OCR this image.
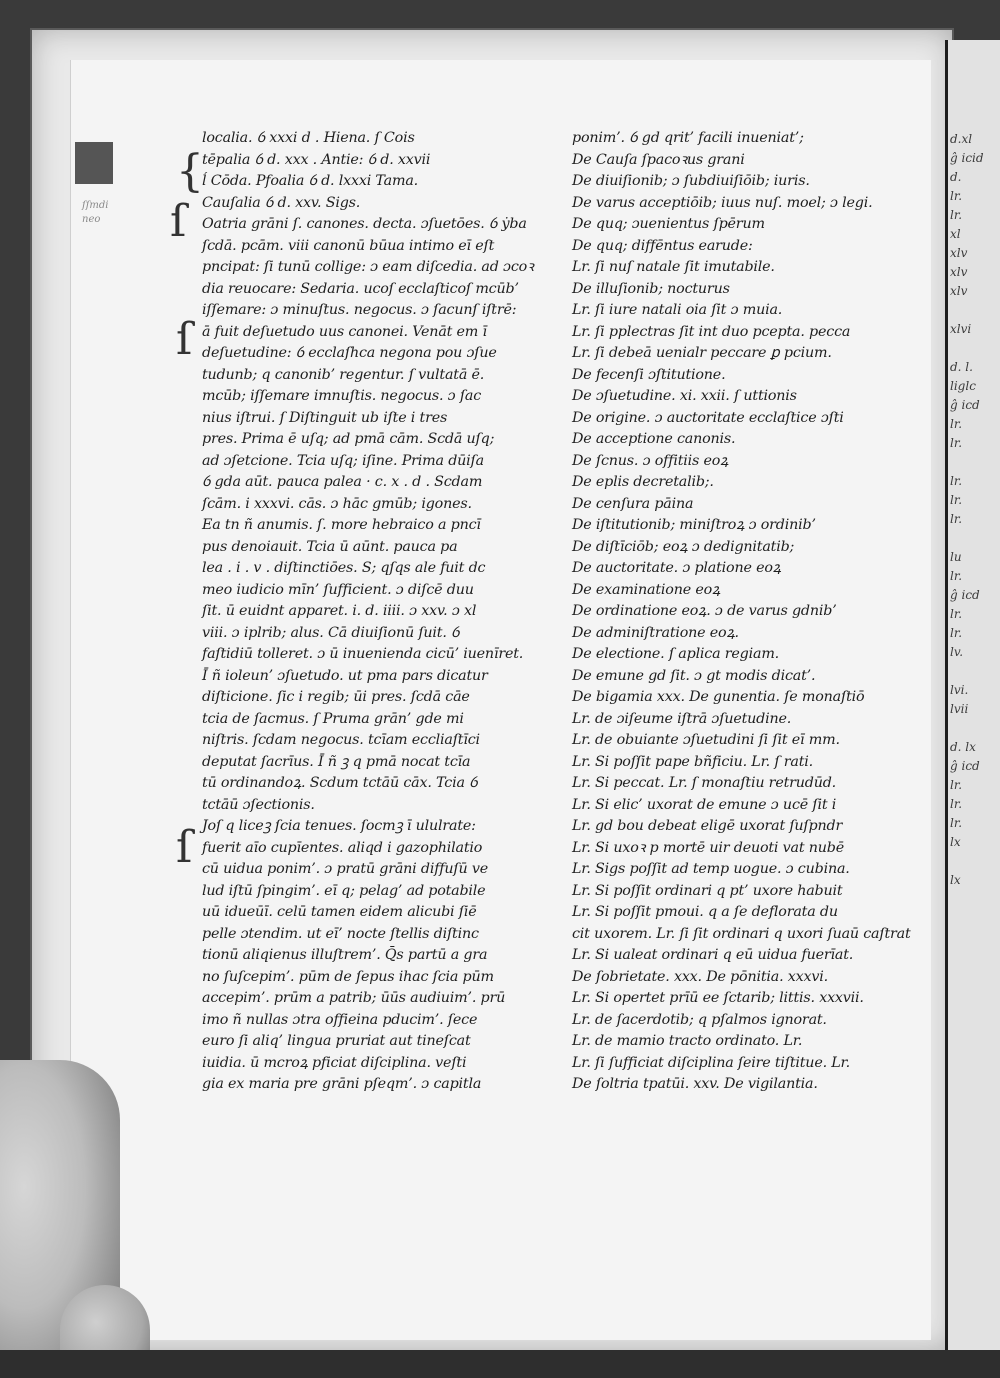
ſſmdi
neo
{
ſ
ſ
ſ
localia. ỽ xxxi d . Hiena. ſ Cois
tēpalia ỽ d. xxx . Antie: ỽ d. xxvii
ĺ Cōda. Pfoalia ỽ d. lxxxi Tama.
Cauſalia ỽ d. xxv. Sigs.
Oatria grāni ſ. canones. decta. ɔſuetōes. ỽ ẏba
ſcdā. pcām. viii canonū būua intimo eī eſt
pncipat: ſi tunū collige: ɔ eam diſcedia. ad ɔcoꝛ
dia reuocare: Sedaria. ucoſ ecclaſticoſ mcūb’
iſſemare: ɔ minuſtus. negocus. ɔ ſacunſ iſtrē:
ā fuit deſuetudo uus canonei. Venāt em ī
deſuetudine: ỽ ecclaſhca negona pou ɔſue
tudunb; q canonib’ regentur. ſ vultatā ē.
mcūb; iſſemare imnuſtis. negocus. ɔ ſac
nius iſtrui. ſ Diſtinguit ub iſte i tres
pres. Prima ē uſq; ad pmā cām. Scdā uſq;
ad ɔſetcione. Tcia uſq; iſine. Prima dūiſa
ỽ gda aūt. pauca palea · c. x . d . Scdam
ſcām. i xxxvi. cās. ɔ hāc gmūb; igones.
Ea tn ñ anumis. ſ. more hebraico a pncī
pus denoiauit. Tcia ū aūnt. pauca pa
lea . i . v . diſtinctiōes. S; qſqs ale fuit dc
meo iudicio mīn’ ſufficient. ɔ diſcē duu
ſit. ū euidnt apparet. i. d. iiii. ɔ xxv. ɔ xl
viii. ɔ iplrib; alus. Cā diuiſionū ſuit. ỽ
faſtidiū tolleret. ɔ ū inuenienda cicū’ iuenīret.
Ī ñ ioleun’ ɔſuetudo. ut pma pars dicatur
diſticione. ſic i regib; ūi pres. ſcdā cāe
tcia de ſacmus. ſ Pruma grān’ gde mi
niſtris. ſcdam negocus. tcīam eccliaſtīci
deputat ſacrīus. Ī ñ ꝫ q pmā nocat tcīa
tū ordinandoꝝ. Scdum tctāū cāx. Tcia ỽ
tctāū ɔſectionis.
Joſ q liceꝫ ſcia tenues. ſocmꝫ ī ululrate:
fuerit aīo cupīentes. aliqd i gazophilatio
cū uidua ponim’. ɔ pratū grāni diffuſū ve
lud iſtū ſpingim’. eī q; pelag’ ad potabile
uū idueūī. celū tamen eidem alicubi ſiē
pelle ɔtendim. ut eī’ nocte ſtellis diſtinc
tionū aliqienus illuſtrem’. Q̄s partū a gra
no ſuſcepim’. pūm de ſepus ihac ſcia pūm
accepim’. prūm a patrib; ūūs audiuim’. prū
imo ñ nullas ɔtra offieina pducim’. ſece
euro ſi aliq’ lingua pruriat aut tineſcat
iuidia. ū mcroꝝ pficiat diſciplina. veſti
gia ex maria pre grāni pſeqm’. ɔ capitla
ponim’. ỽ gd qrit’ facili inueniat’;
De Cauſa ſpacoꝛus grani
De diuiſionib; ɔ ſubdiuiſiōib; iuris.
De varus acceptiōib; iuus nuſ. moel; ɔ legi.
De quq; ɔuenientus ſpērum
De quq; diffēntus earude:
Lr. ſi nuſ natale ſit imutabile.
De illuſionib; nocturus
Lr. ſi iure natali oia ſit ɔ muia.
Lr. ſi pplectras ſit int duo pcepta. pecca
Lr. ſi debeā uenialr peccare ꝑ pcium.
De fecenſi ɔſtitutione.
De ɔſuetudine. xi. xxii. ſ uttionis
De origine. ɔ auctoritate ecclaſtice ɔſti
De acceptione canonis.
De ſcnus. ɔ offitiis eoꝝ
De eplis decretalib;.
De cenſura pāina
De iſtitutionib; miniſtroꝝ ɔ ordinib’
De diſtīciōb; eoꝝ ɔ dedignitatib;
De auctoritate. ɔ platione eoꝝ
De examinatione eoꝝ
De ordinatione eoꝝ. ɔ de varus gdnib’
De adminiſtratione eoꝝ.
De electione. ſ aplica regiam.
De emune gd ſit. ɔ gt modis dicat’.
De bigamia xxx. De gunentia. ſe monaſtiō
Lr. de ɔiſeume iſtrā ɔſuetudine.
Lr. de obuiante ɔſuetudini ſi ſit eī mm.
Lr. Si poſſit pape bñficiu. Lr. ſ rati.
Lr. Si peccat. Lr. ſ monaſtiu retrudūd.
Lr. Si elic’ uxorat de emune ɔ ucē ſit i
Lr. gd bou debeat eligē uxorat ſuſpndr
Lr. Si uxoꝛ p mortē uir deuoti vat nubē
Lr. Sigs poſſit ad temp uogue. ɔ cubina.
Lr. Si poſſit ordinari q pt’ uxore habuit
Lr. Si poſſit pmoui. q a ſe deflorata du
cit uxorem. Lr. ſi ſit ordinari q uxori ſuaū caſtrat
Lr. Si ualeat ordinari q eū uidua fuerīat.
De ſobrietate. xxx. De pōnitia. xxxvi.
Lr. Si opertet prīū ee ſctarib; littis. xxxvii.
Lr. de ſacerdotib; q pſalmos ignorat.
Lr. de mamio tracto ordinato. Lr.
Lr. ſi ſufficiat diſciplina ſeire tiſtitue. Lr.
De ſoltria tpatūi. xxv. De vigilantia.
d.xl
ĝ icid
d.
lr.
lr.
xl
xlv
xlv
xlv
xlvi
d. l.
liglc
ĝ icd
lr.
lr.
lr.
lr.
lr.
lu
lr.
ĝ icd
lr.
lr.
lv.
lvi.
lvii
d. lx
ĝ icd
lr.
lr.
lr.
lx
lx
